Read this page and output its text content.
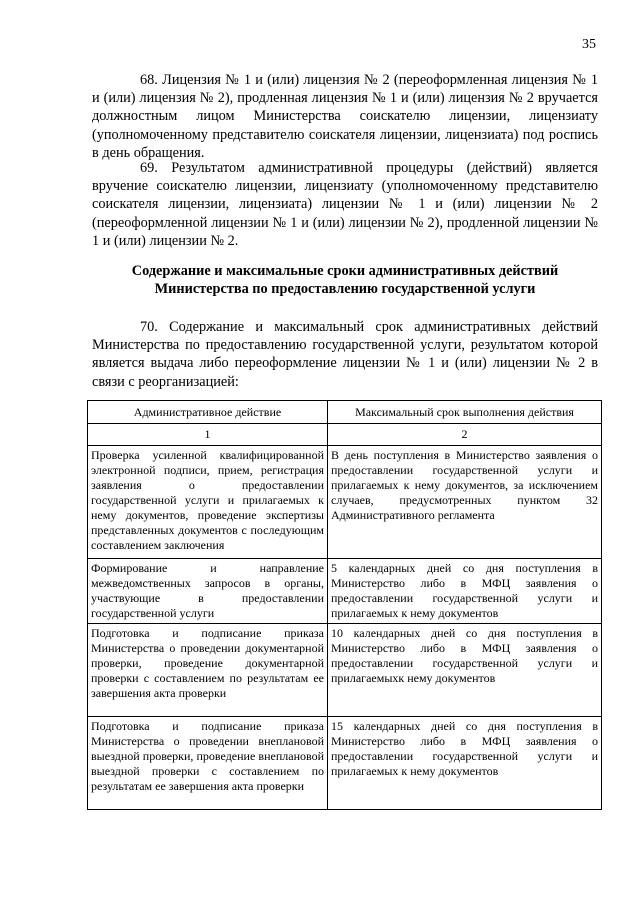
35

68. Лицензия № 1 и (или) лицензия № 2 (переоформленная лицензия № 1 и (или) лицензия № 2), продленная лицензия № 1 и (или) лицензия № 2 вручается должностным лицом Министерства соискателю лицензии, лицензиату (уполномоченному представителю соискателя лицензии, лицензиата) под роспись в день обращения.

69. Результатом административной процедуры (действий) является вручение соискателю лицензии, лицензиату (уполномоченному представителю соискателя лицензии, лицензиата) лицензии № 1 и (или) лицензии № 2 (переоформленной лицензии № 1 и (или) лицензии № 2), продленной лицензии № 1 и (или) лицензии № 2.

Содержание и максимальные сроки административных действий
Министерства по предоставлению государственной услуги

70. Содержание и максимальный срок административных действий Министерства по предоставлению государственной услуги, результатом которой является выдача либо переоформление лицензии № 1 и (или) лицензии № 2 в связи с реорганизацией:

Административное действие	Максимальный срок выполнения действия
1	2
Проверка усиленной квалифицированной электронной подписи, прием, регистрация заявления о предоставлении государственной услуги и прилагаемых к нему документов, проведение экспертизы представленных документов с последующим составлением заключения	В день поступления в Министерство заявления о предоставлении государственной услуги и прилагаемых к нему документов, за исключением случаев, предусмотренных пунктом 32 Административного регламента
Формирование и направление межведомственных запросов в органы, участвующие в предоставлении государственной услуги	5 календарных дней со дня поступления в Министерство либо в МФЦ заявления о предоставлении государственной услуги и прилагаемых к нему документов
Подготовка и подписание приказа Министерства о проведении документарной проверки, проведение документарной проверки с составлением по результатам ее завершения акта проверки	10 календарных дней со дня поступления в Министерство либо в МФЦ заявления о предоставлении государственной услуги и прилагаемыхк нему документов
Подготовка и подписание приказа Министерства о проведении внеплановой выездной проверки, проведение внеплановой выездной проверки с составлением по результатам ее завершения акта проверки	15 календарных дней со дня поступления в Министерство либо в МФЦ заявления о предоставлении государственной услуги и прилагаемых к нему документов
